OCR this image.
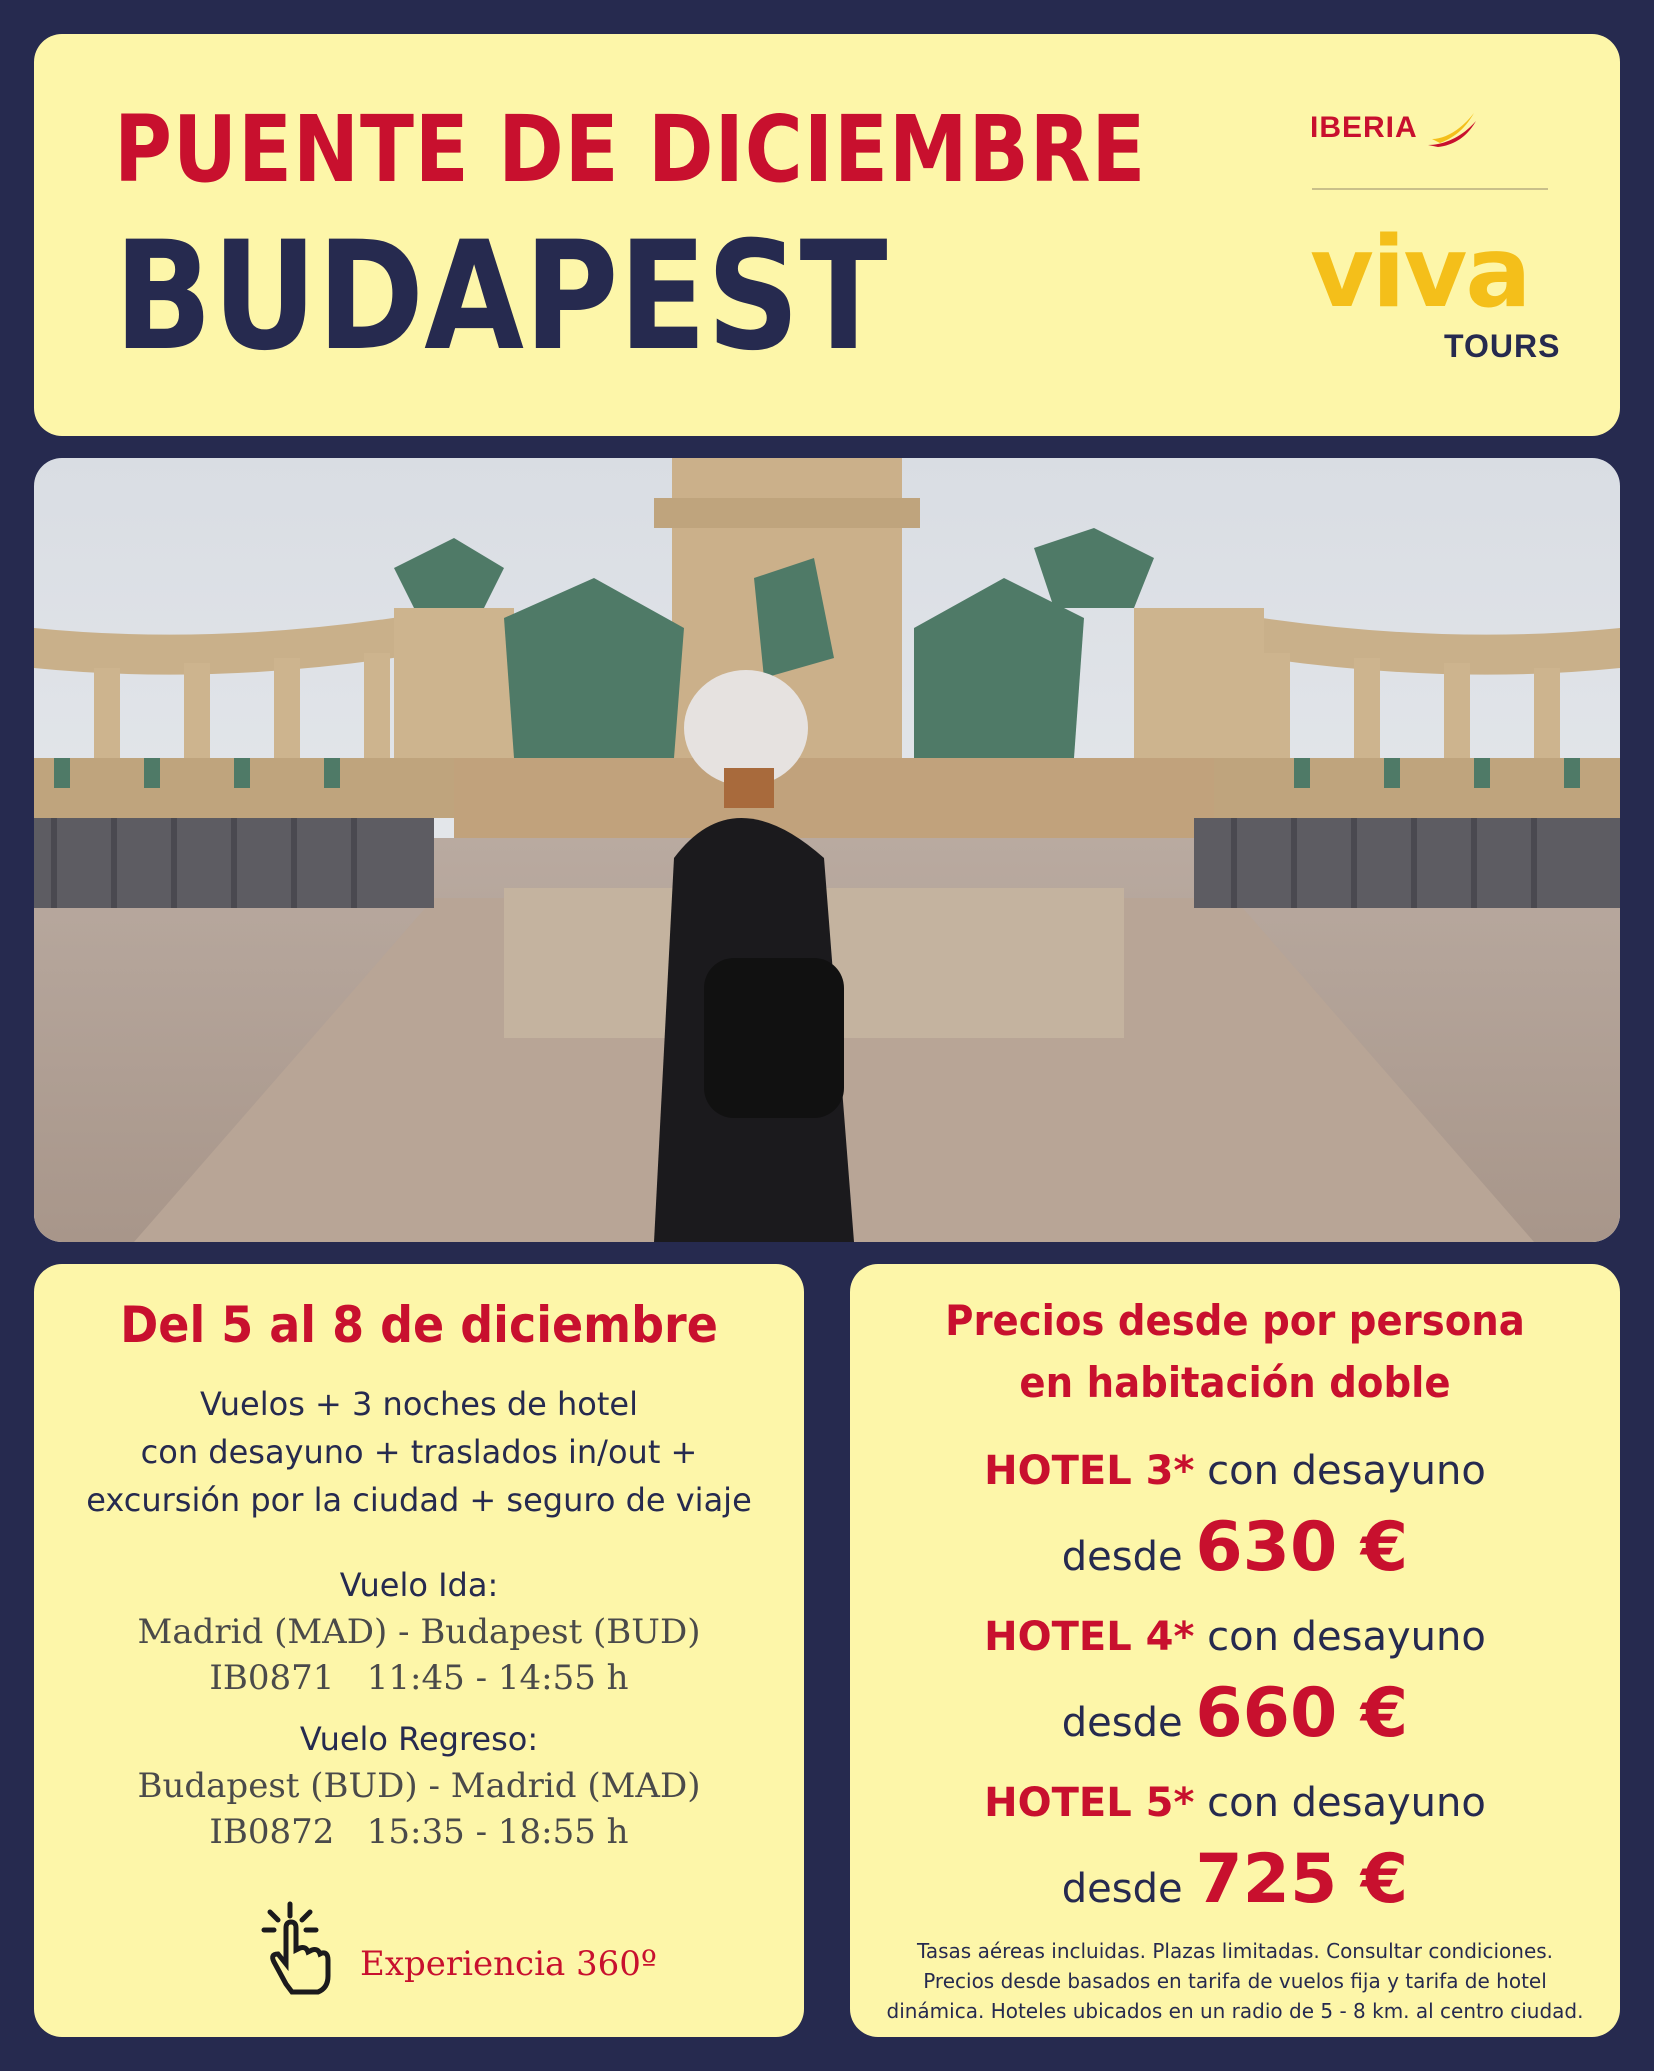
PUENTE DE DICIEMBRE
BUDAPEST
IBERIA
viva
TOURS
Del 5 al 8 de diciembre
Vuelos + 3 noches de hotel
con desayuno + traslados in/out +
excursión por la ciudad + seguro de viaje
Vuelo Ida:
Madrid (MAD) - Budapest (BUD)
IB0871   11:45 - 14:55 h
Vuelo Regreso:
Budapest (BUD) - Madrid (MAD)
IB0872   15:35 - 18:55 h
Experiencia 360º
Precios desde por persona
en habitación doble
HOTEL 3* con desayuno
desde 630 €
HOTEL 4* con desayuno
desde 660 €
HOTEL 5* con desayuno
desde 725 €
Tasas aéreas incluidas. Plazas limitadas. Consultar condiciones.
Precios desde basados en tarifa de vuelos fija y tarifa de hotel
dinámica. Hoteles ubicados en un radio de 5 - 8 km. al centro ciudad.
